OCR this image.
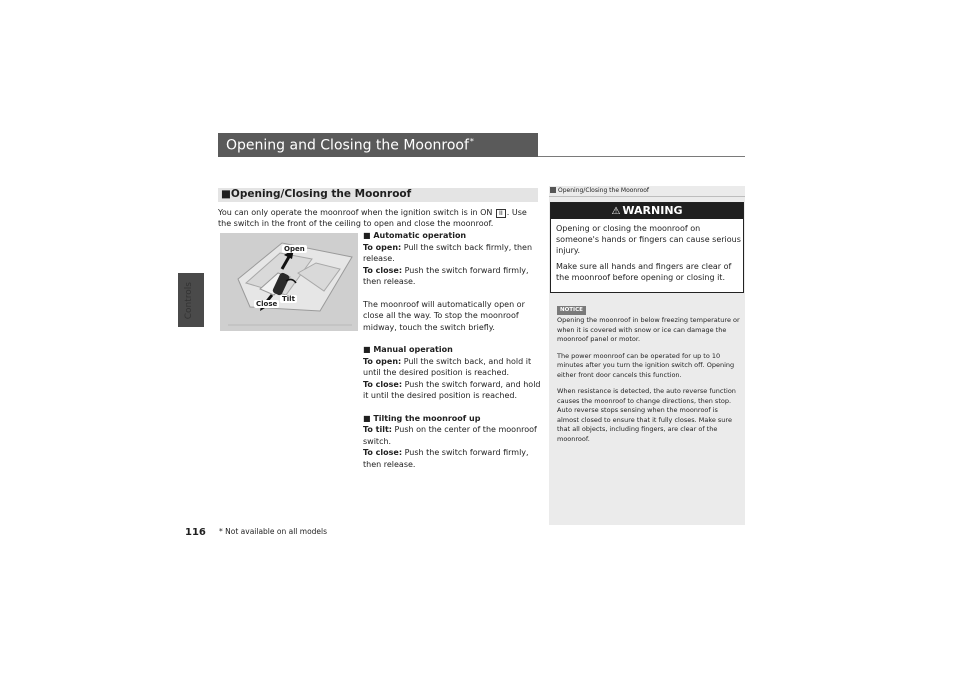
Controls
Opening and Closing the Moonroof*
■Opening/Closing the Moonroof
You can only operate the moonroof when the ignition switch is in ON II . Use the switch in the front of the ceiling to open and close the moonroof.
Open
Tilt
Close

■ Automatic operation

To open: Pull the switch back firmly, then release.

To close: Push the switch forward firmly, then release.

The moonroof will automatically open or close all the way. To stop the moonroof midway, touch the switch briefly.

■ Manual operation

To open: Pull the switch back, and hold it until the desired position is reached.

To close: Push the switch forward, and hold it until the desired position is reached.

■ Tilting the moonroof up

To tilt: Push on the center of the moonroof switch.

To close: Push the switch forward firmly, then release.

Opening/Closing the Moonroof
⚠ WARNING

Opening or closing the moonroof on someone's hands or fingers can cause serious injury.

Make sure all hands and fingers are clear of the moonroof before opening or closing it.

NOTICE

Opening the moonroof in below freezing temperature or when it is covered with snow or ice can damage the moonroof panel or motor.

The power moonroof can be operated for up to 10 minutes after you turn the ignition switch off. Opening either front door cancels this function.

When resistance is detected, the auto reverse function causes the moonroof to change directions, then stop. Auto reverse stops sensing when the moonroof is almost closed to ensure that it fully closes. Make sure that all objects, including fingers, are clear of the moonroof.

116 * Not available on all models
